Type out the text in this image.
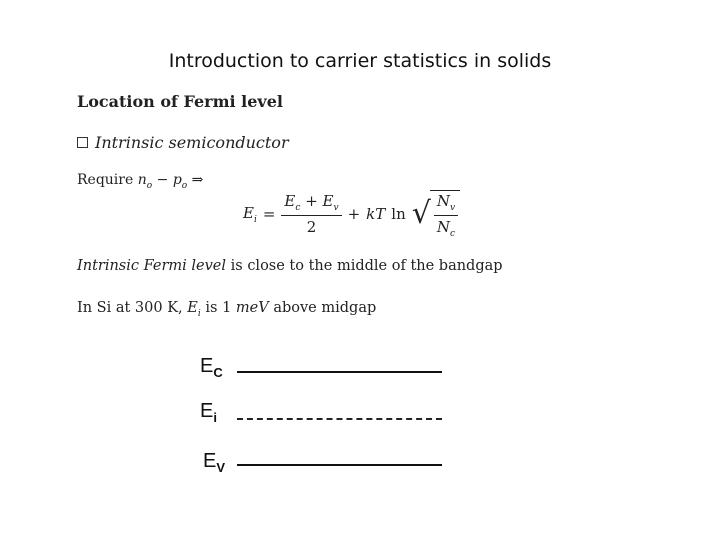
Introduction to carrier statistics in solids
Location of Fermi level
Intrinsic semiconductor
Require $n_o - p_o$ ⇒
$E_i = \frac{E_c + E_v}{2}$ + kT ln √ $\frac{N_v}{N_c}$
Intrinsic Fermi level is close to the middle of the bandgap
In Si at 300 K, $E_i$ is 1 meV above midgap
$E_C$
$E_i$
$E_V$
